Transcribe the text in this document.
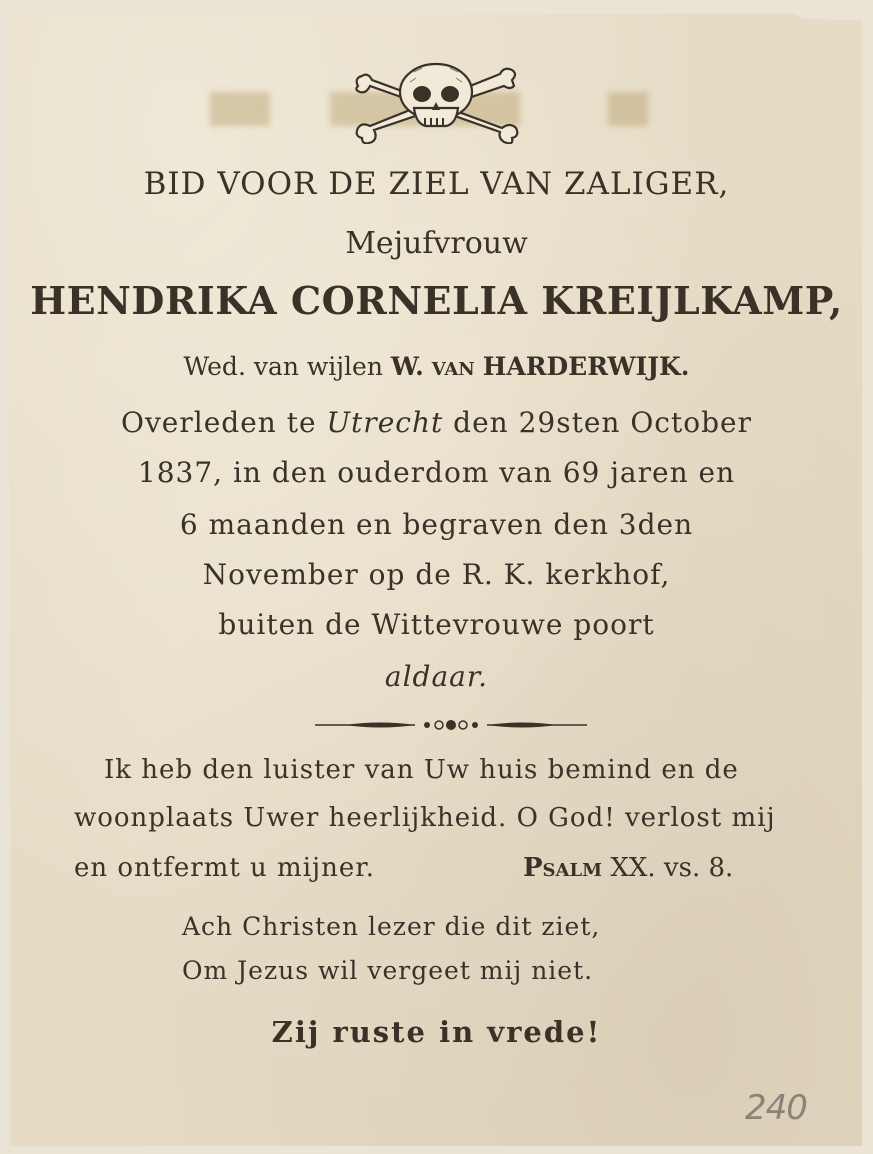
BID VOOR DE ZIEL VAN ZALIGER,
Mejufvrouw
HENDRIKA CORNELIA KREIJLKAMP,
Wed. van wijlen W. van HARDERWIJK.
Overleden te Utrecht den 29sten October
1837, in den ouderdom van 69 jaren en
6 maanden en begraven den 3den
November op de R. K. kerkhof,
buiten de Wittevrouwe poort
aldaar.
Ik heb den luister van Uw huis bemind en de
woonplaats Uwer heerlijkheid. O God! verlost mij
en ontfermt u mijner.	Psalm XX. vs. 8.
Ach Christen lezer die dit ziet,
Om Jezus wil vergeet mij niet.
Zij ruste in vrede!
240
